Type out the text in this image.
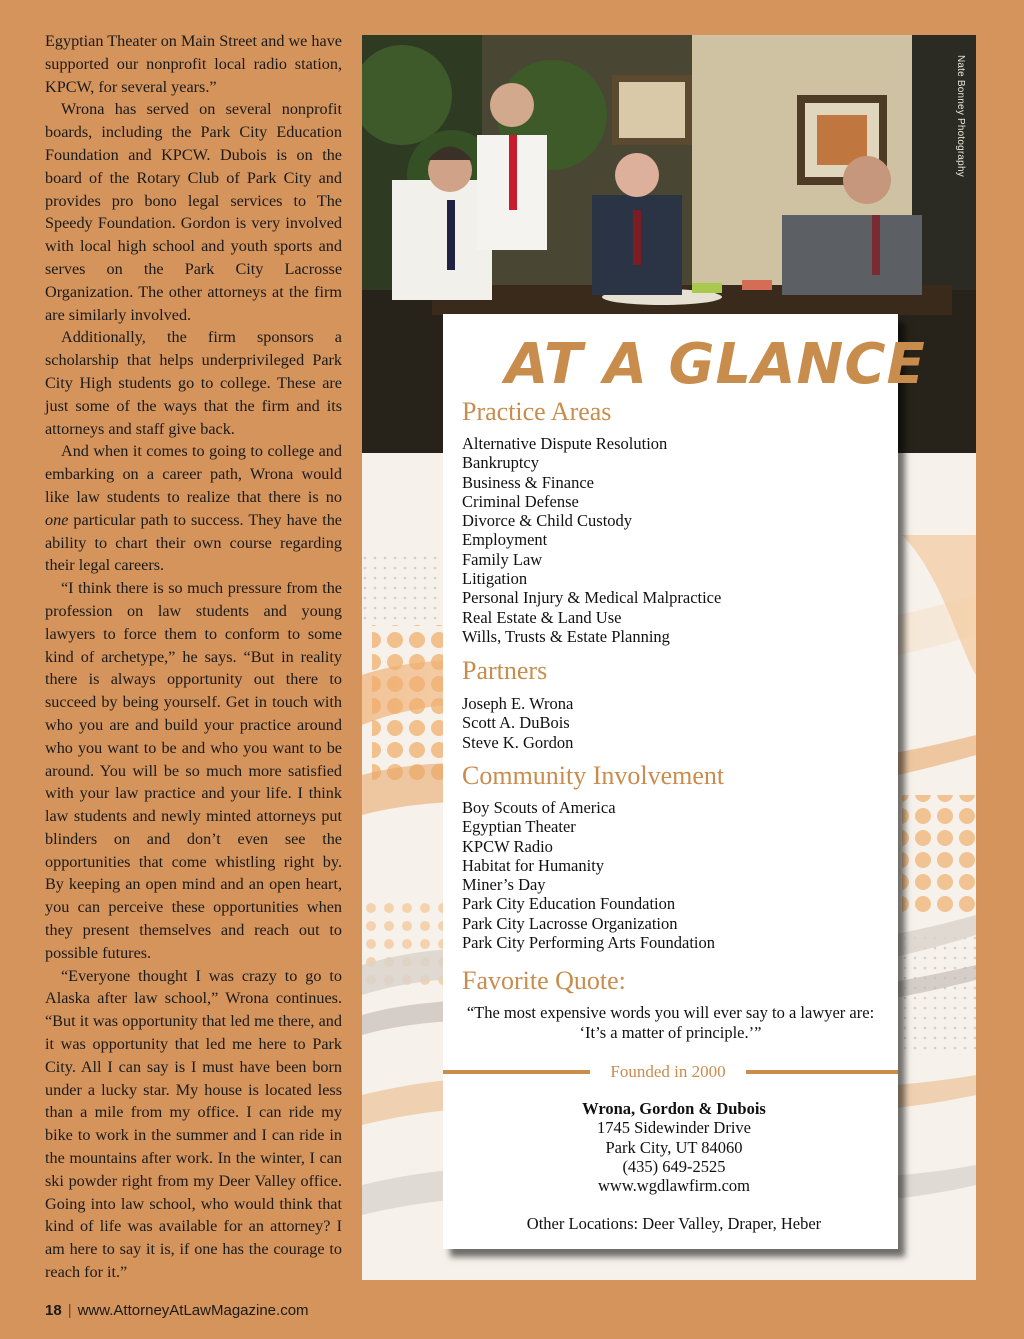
Egyptian Theater on Main Street and we have supported our nonprofit local radio station, KPCW, for several years.”

Wrona has served on several nonprofit boards, including the Park City Education Foundation and KPCW. Dubois is on the board of the Rotary Club of Park City and provides pro bono legal services to The Speedy Foundation. Gordon is very involved with local high school and youth sports and serves on the Park City Lacrosse Organization. The other attorneys at the firm are similarly involved.

Additionally, the firm sponsors a scholarship that helps underprivileged Park City High students go to college. These are just some of the ways that the firm and its attorneys and staff give back.

And when it comes to going to college and embarking on a career path, Wrona would like law students to realize that there is no one particular path to success. They have the ability to chart their own course regarding their legal careers.

“I think there is so much pressure from the profession on law students and young lawyers to force them to conform to some kind of archetype,” he says. “But in reality there is always opportunity out there to succeed by being yourself. Get in touch with who you are and build your practice around who you want to be and who you want to be around. You will be so much more satisfied with your law practice and your life. I think law students and newly minted attorneys put blinders on and don’t even see the opportunities that come whistling right by. By keeping an open mind and an open heart, you can perceive these opportunities when they present themselves and reach out to possible futures.

“Everyone thought I was crazy to go to Alaska after law school,” Wrona continues. “But it was opportunity that led me there, and it was opportunity that led me here to Park City. All I can say is I must have been born under a lucky star. My house is located less than a mile from my office. I can ride my bike to work in the summer and I can ride in the mountains after work. In the winter, I can ski powder right from my Deer Valley office. Going into law school, who would think that kind of life was available for an attorney? I am here to say it is, if one has the courage to reach for it.”

18 | www.AttorneyAtLawMagazine.com
Nate Bonney Photography
AT A GLANCE
Practice Areas
Alternative Dispute Resolution
Bankruptcy
Business & Finance
Criminal Defense
Divorce & Child Custody
Employment
Family Law
Litigation
Personal Injury & Medical Malpractice
Real Estate & Land Use
Wills, Trusts & Estate Planning
Partners
Joseph E. Wrona
Scott A. DuBois
Steve K. Gordon
Community Involvement
Boy Scouts of America
Egyptian Theater
KPCW Radio
Habitat for Humanity
Miner’s Day
Park City Education Foundation
Park City Lacrosse Organization
Park City Performing Arts Foundation
Favorite Quote:
“The most expensive words you will ever say to a lawyer are:
‘It’s a matter of principle.’”
Founded in 2000
Wrona, Gordon & Dubois
1745 Sidewinder Drive
Park City, UT 84060
(435) 649-2525
www.wgdlawfirm.com
Other Locations: Deer Valley, Draper, Heber
